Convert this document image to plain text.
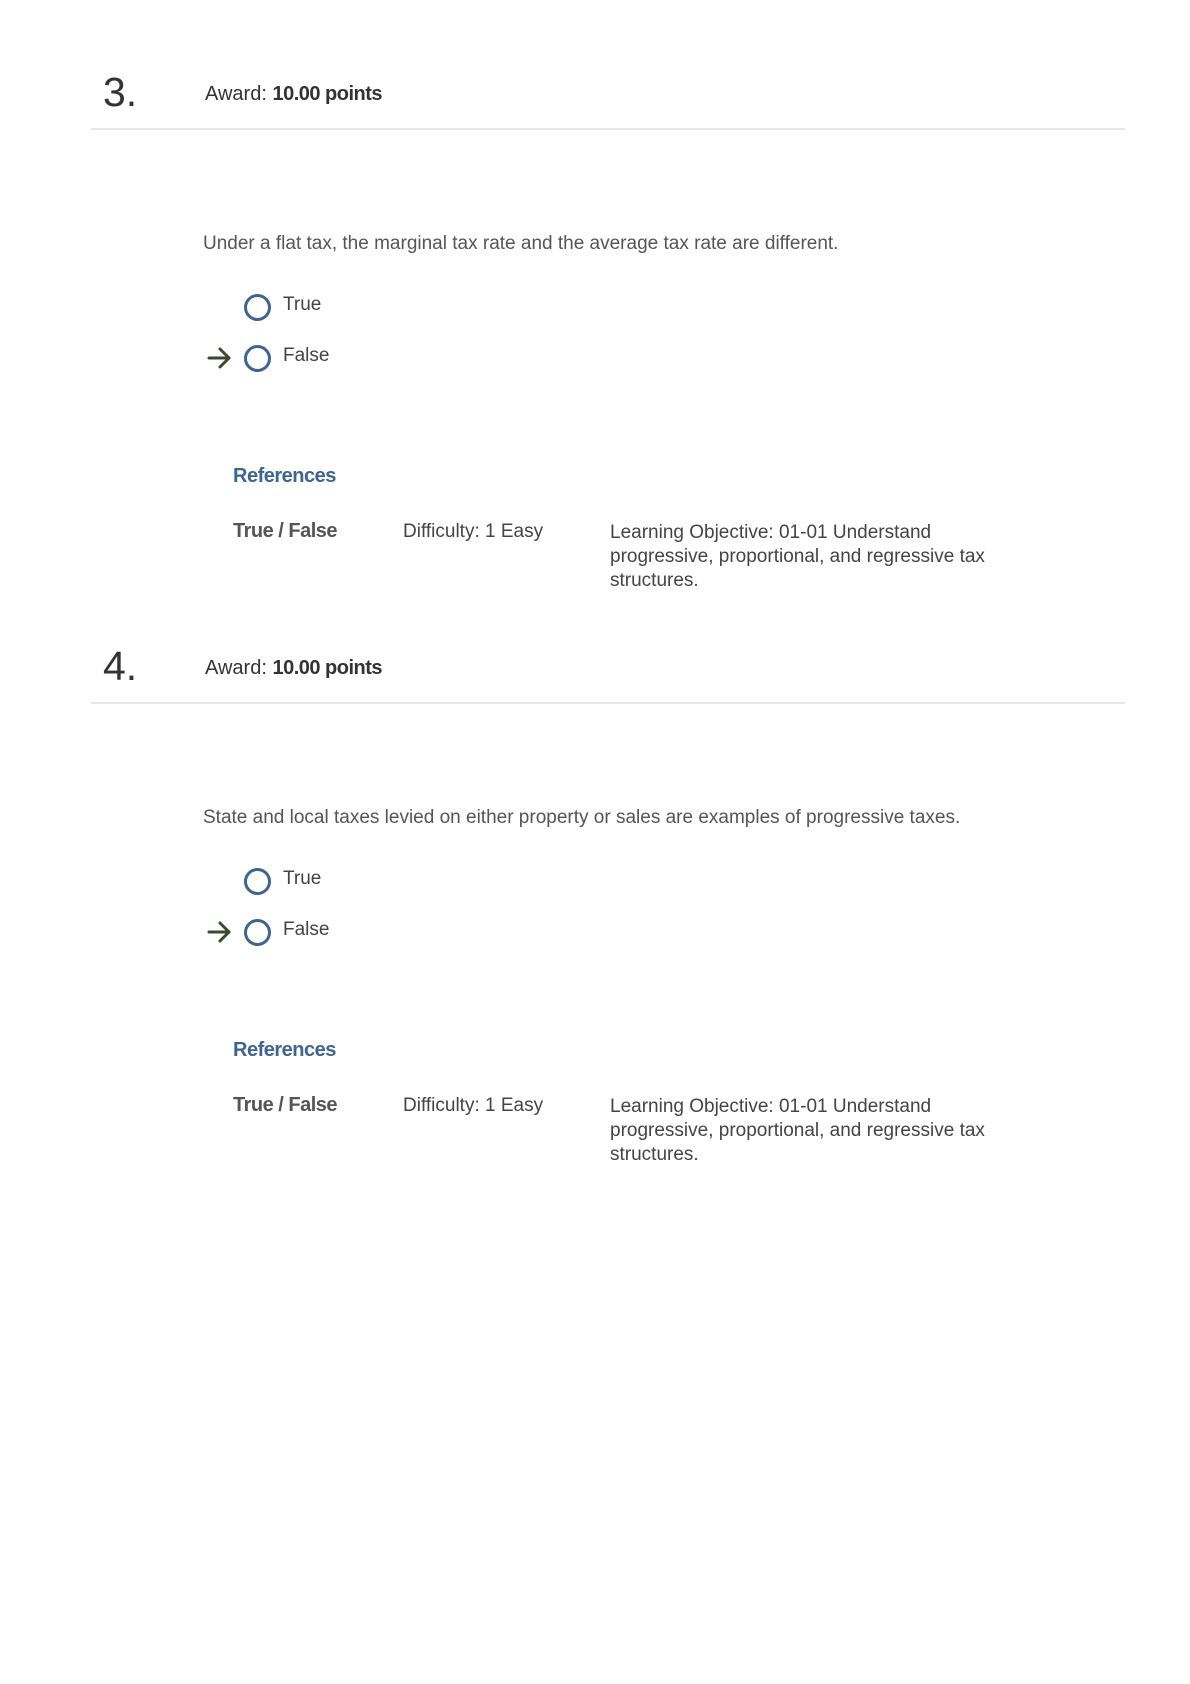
3.	Award: 10.00 points
Under a flat tax, the marginal tax rate and the average tax rate are different.
True
False
References
True / False	Difficulty: 1 Easy	Learning Objective: 01-01 Understand progressive, proportional, and regressive tax structures.
4.	Award: 10.00 points
State and local taxes levied on either property or sales are examples of progressive taxes.
True
False
References
True / False	Difficulty: 1 Easy	Learning Objective: 01-01 Understand progressive, proportional, and regressive tax structures.
